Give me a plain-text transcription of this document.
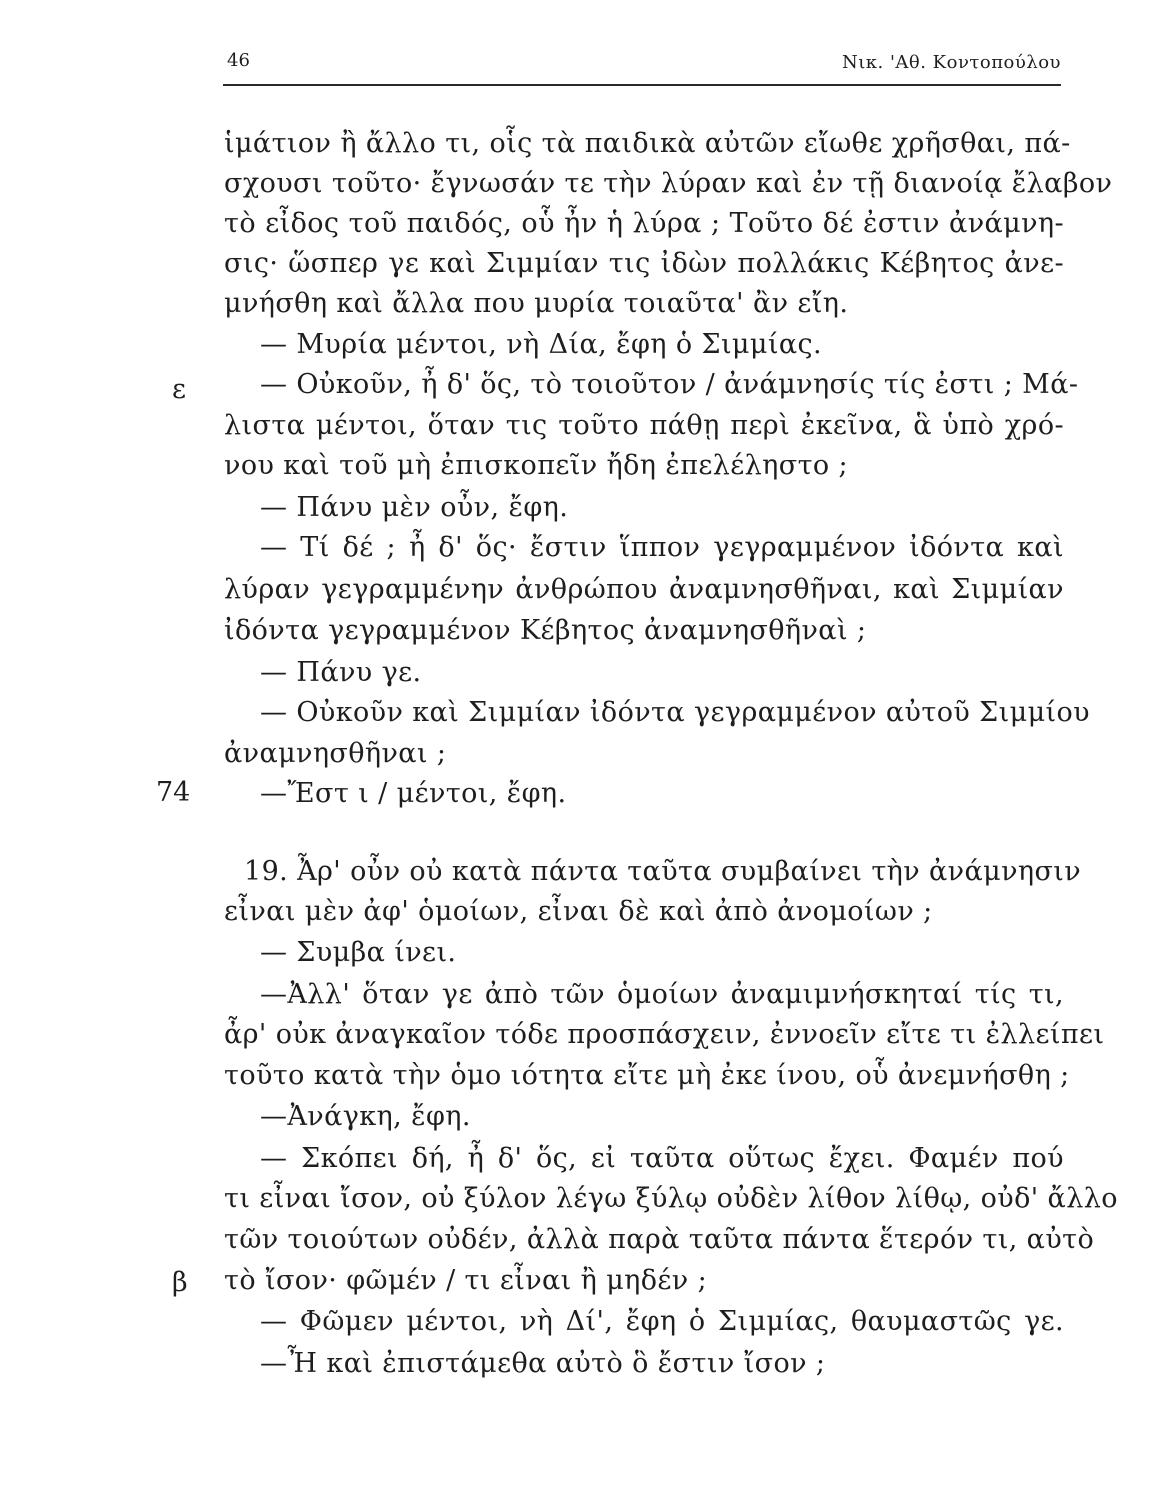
46	Νικ. 'Αθ. Κοντοπούλου
ε
74
β
ἱμάτιον ἢ ἄλλο τι, οἷς τὰ παιδικὰ αὐτῶν εἴωθε χρῆσθαι, πά-
σχουσι τοῦτο· ἔγνωσάν τε τὴν λύραν καὶ ἐν τῇ διανοίᾳ ἔλαβον
τὸ εἶδος τοῦ παιδός, οὗ ἦν ἡ λύρα ; Τοῦτο δέ ἐστιν ἀνάμνη-
σις· ὥσπερ γε καὶ Σιμμίαν τις ἰδὼν πολλάκις Κέβητος ἀνε-
μνήσθη καὶ ἄλλα που μυρία τοιαῦτα' ἂν εἴη.
— Μυρία μέντοι, νὴ Δία, ἔφη ὁ Σιμμίας.
— Οὐκοῦν, ἦ δ' ὅς, τὸ τοιοῦτον / ἀνάμνησίς τίς ἐστι ; Μά-
λιστα μέντοι, ὅταν τις τοῦτο πάθῃ περὶ ἐκεῖνα, ἃ ὑπὸ χρό-
νου καὶ τοῦ μὴ ἐπισκοπεῖν ἤδη ἐπελέληστο ;
— Πάνυ μὲν οὖν, ἔφη.
— Τί δέ ; ἦ δ' ὅς· ἔστιν ἵππον γεγραμμένον ἰδόντα καὶ
λύραν γεγραμμένην ἀνθρώπου ἀναμνησθῆναι, καὶ Σιμμίαν
ἰδόντα γεγραμμένον Κέβητος ἀναμνησθῆναὶ ;
— Πάνυ γε.
— Οὐκοῦν καὶ Σιμμίαν ἰδόντα γεγραμμένον αὐτοῦ Σιμμίου
ἀναμνησθῆναι ;
—Ἔστ ι / μέντοι, ἔφη.
19. Ἆρ' οὖν οὐ κατὰ πάντα ταῦτα συμβαίνει τὴν ἀνάμνησιν
εἶναι μὲν ἀφ' ὁμοίων, εἶναι δὲ καὶ ἀπὸ ἀνομοίων ;
— Συμβα ίνει.
—Ἀλλ' ὅταν γε ἀπὸ τῶν ὁμοίων ἀναμιμνήσκηταί τίς τι,
ἆρ' οὐκ ἀναγκαῖον τόδε προσπάσχειν, ἐννοεῖν εἴτε τι ἐλλείπει
τοῦτο κατὰ τὴν ὁμο ιότητα εἴτε μὴ ἐκε ίνου, οὗ ἀνεμνήσθη ;
—Ἀνάγκη, ἔφη.
— Σκόπει δή, ἦ δ' ὅς, εἰ ταῦτα οὕτως ἔχει. Φαμέν πού
τι εἶναι ἴσον, οὐ ξύλον λέγω ξύλῳ οὐδὲν λίθον λίθῳ, οὐδ' ἄλλο
τῶν τοιούτων οὐδέν, ἀλλὰ παρὰ ταῦτα πάντα ἕτερόν τι, αὐτὸ
τὸ ἴσον· φῶμέν / τι εἶναι ἢ μηδέν ;
— Φῶμεν μέντοι, νὴ Δί', ἔφη ὁ Σιμμίας, θαυμαστῶς γε.
—Ἦ καὶ ἐπιστάμεθα αὐτὸ ὃ ἔστιν ἴσον ;
